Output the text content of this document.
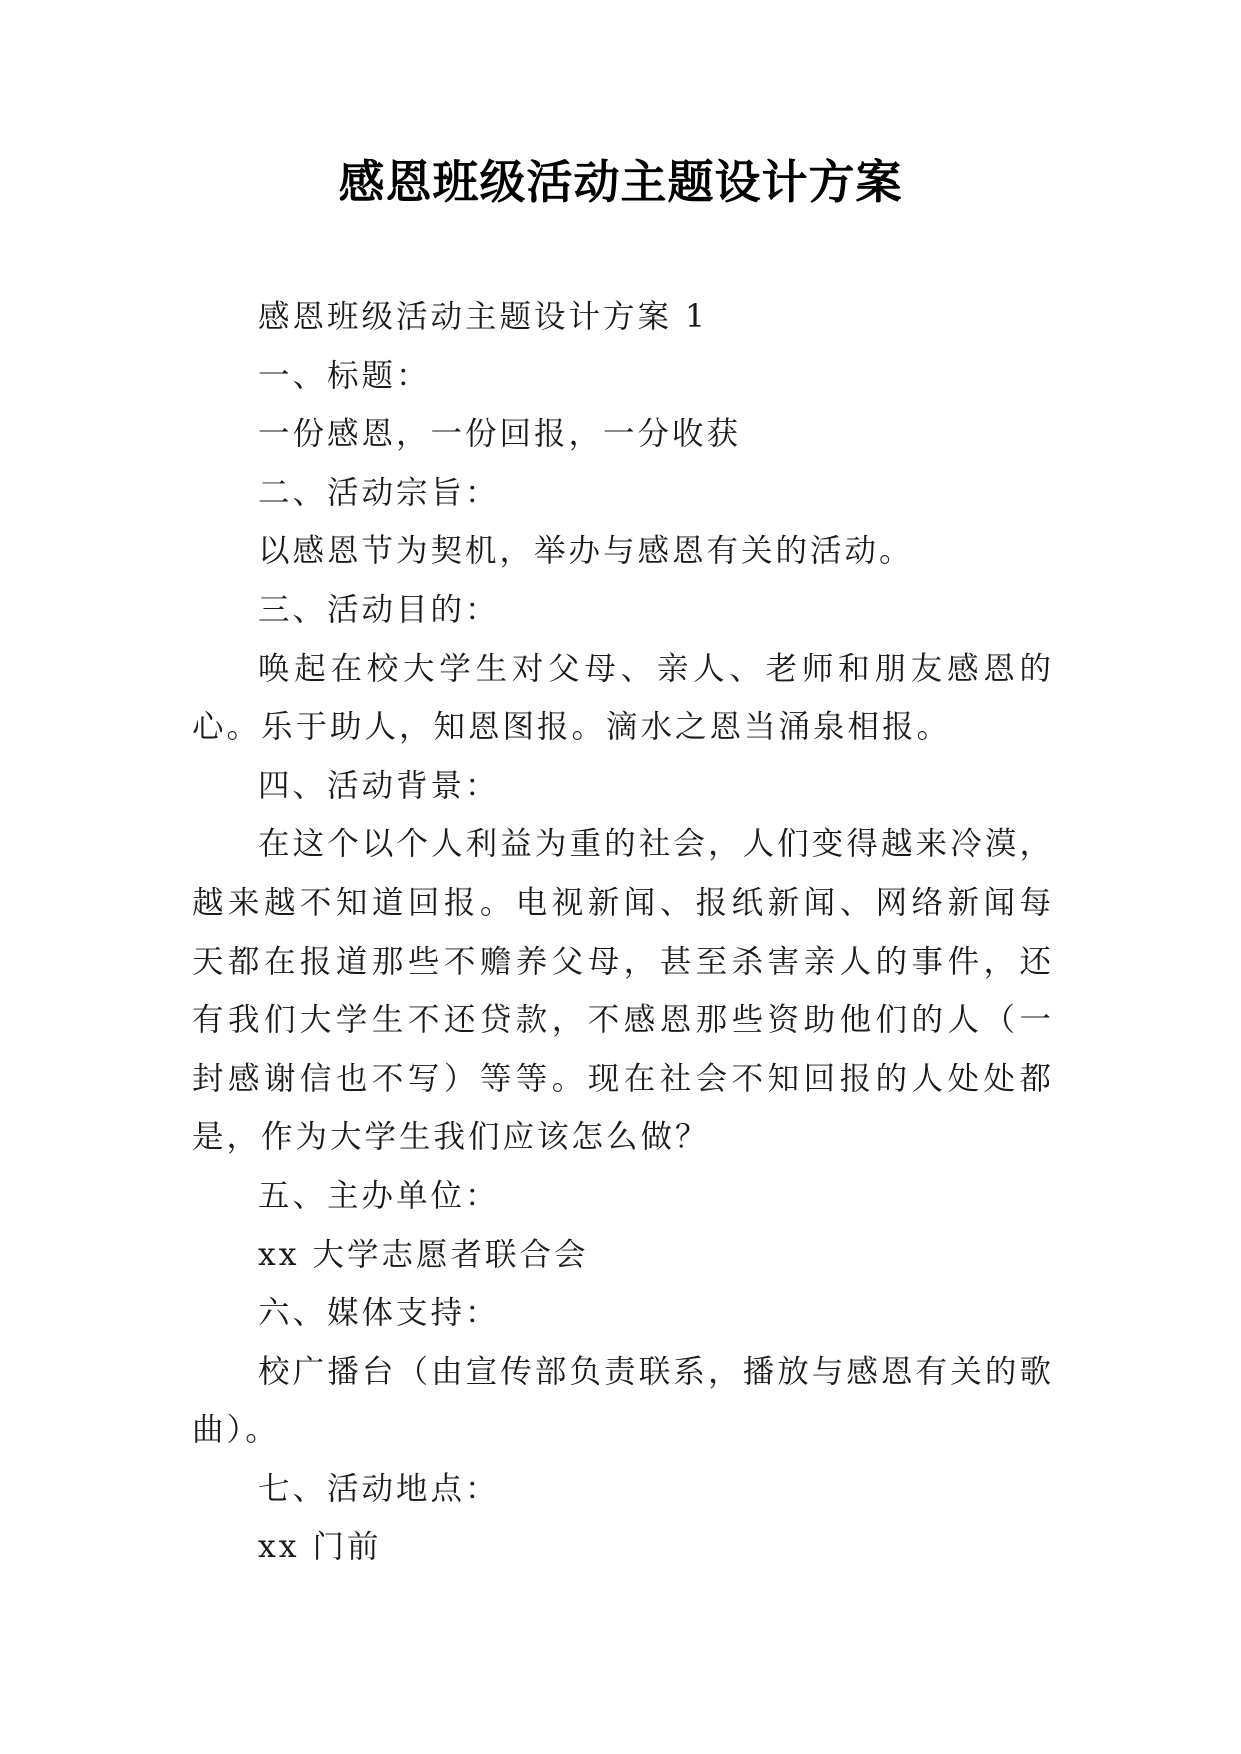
感恩班级活动主题设计方案

感恩班级活动主题设计方案 1

一、标题：

一份感恩，一份回报，一分收获

二、活动宗旨：

以感恩节为契机，举办与感恩有关的活动。

三、活动目的：

唤起在校大学生对父母、亲人、老师和朋友感恩的心。乐于助人，知恩图报。滴水之恩当涌泉相报。

四、活动背景：

在这个以个人利益为重的社会，人们变得越来冷漠，越来越不知道回报。电视新闻、报纸新闻、网络新闻每天都在报道那些不赡养父母，甚至杀害亲人的事件，还有我们大学生不还贷款，不感恩那些资助他们的人（一封感谢信也不写）等等。现在社会不知回报的人处处都是，作为大学生我们应该怎么做？

五、主办单位：

xx 大学志愿者联合会

六、媒体支持：

校广播台（由宣传部负责联系，播放与感恩有关的歌曲）。

七、活动地点：

xx 门前
